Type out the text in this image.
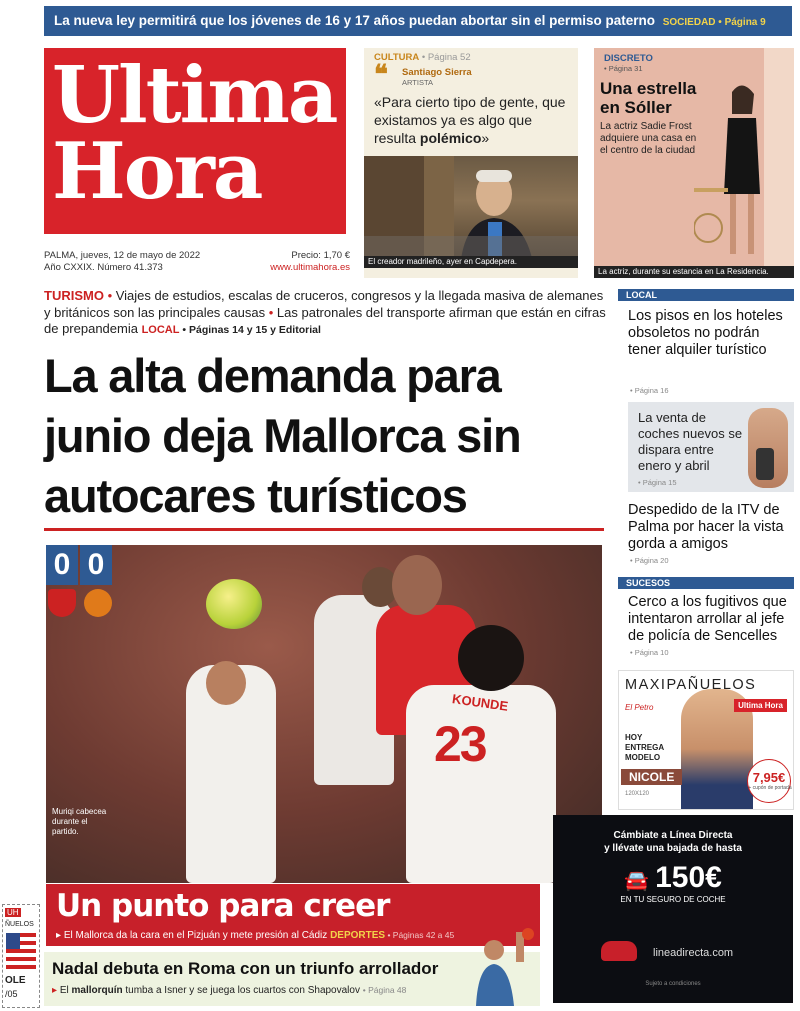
La nueva ley permitirá que los jóvenes de 16 y 17 años puedan abortar sin el permiso paterno SOCIEDAD • Página 9
Ultima
Hora
PALMA, jueves, 12 de mayo de 2022
Año CXXIX. Número 41.373
Precio: 1,70 €
www.ultimahora.es
CULTURA • Página 52
❝ Santiago Sierra
ARTISTA
«Para cierto tipo de gente, que existamos ya es algo que resulta polémico»
El creador madrileño, ayer en Capdepera.
DISCRETO
• Página 31
Una estrella en Sóller

La actriz Sadie Frost adquiere una casa en el centro de la ciudad

La actriz, durante su estancia en La Residencia.
TURISMO • Viajes de estudios, escalas de cruceros, congresos y la llegada masiva de alemanes y británicos son las principales causas • Las patronales del transporte afirman que están en cifras de prepandemia LOCAL • Páginas 14 y 15 y Editorial
La alta demanda para junio deja Mallorca sin autocares turísticos
0 0
KOUNDE
23
Muriqi cabecea durante el partido.
Un punto para creer

▸ El Mallorca da la cara en el Pizjuán y mete presión al Cádiz DEPORTES • Páginas 42 a 45

Nadal debuta en Roma con un triunfo arrollador

▸ El mallorquín tumba a Isner y se juega los cuartos con Shapovalov • Página 48

LOCAL
Los pisos en los hoteles obsoletos no podrán tener alquiler turístico
• Página 16
La venta de coches nuevos se dispara entre enero y abril
• Página 15
Despedido de la ITV de Palma por hacer la vista gorda a amigos
• Página 20
SUCESOS
Cerco a los fugitivos que intentaron arrollar al jefe de policía de Sencelles
• Página 10
MAXIPAÑUELOS
Ultima Hora
El Petro
HOY ENTREGA MODELO
NICOLE
120X120
7,95€
+ cupón de portada
Cámbiate a Línea Directa
y llévate una bajada de hasta
🚘 150€
EN TU SEGURO DE COCHE
lineadirecta.com
Sujeto a condiciones
UH
ÑUELOS
OLE
/05
